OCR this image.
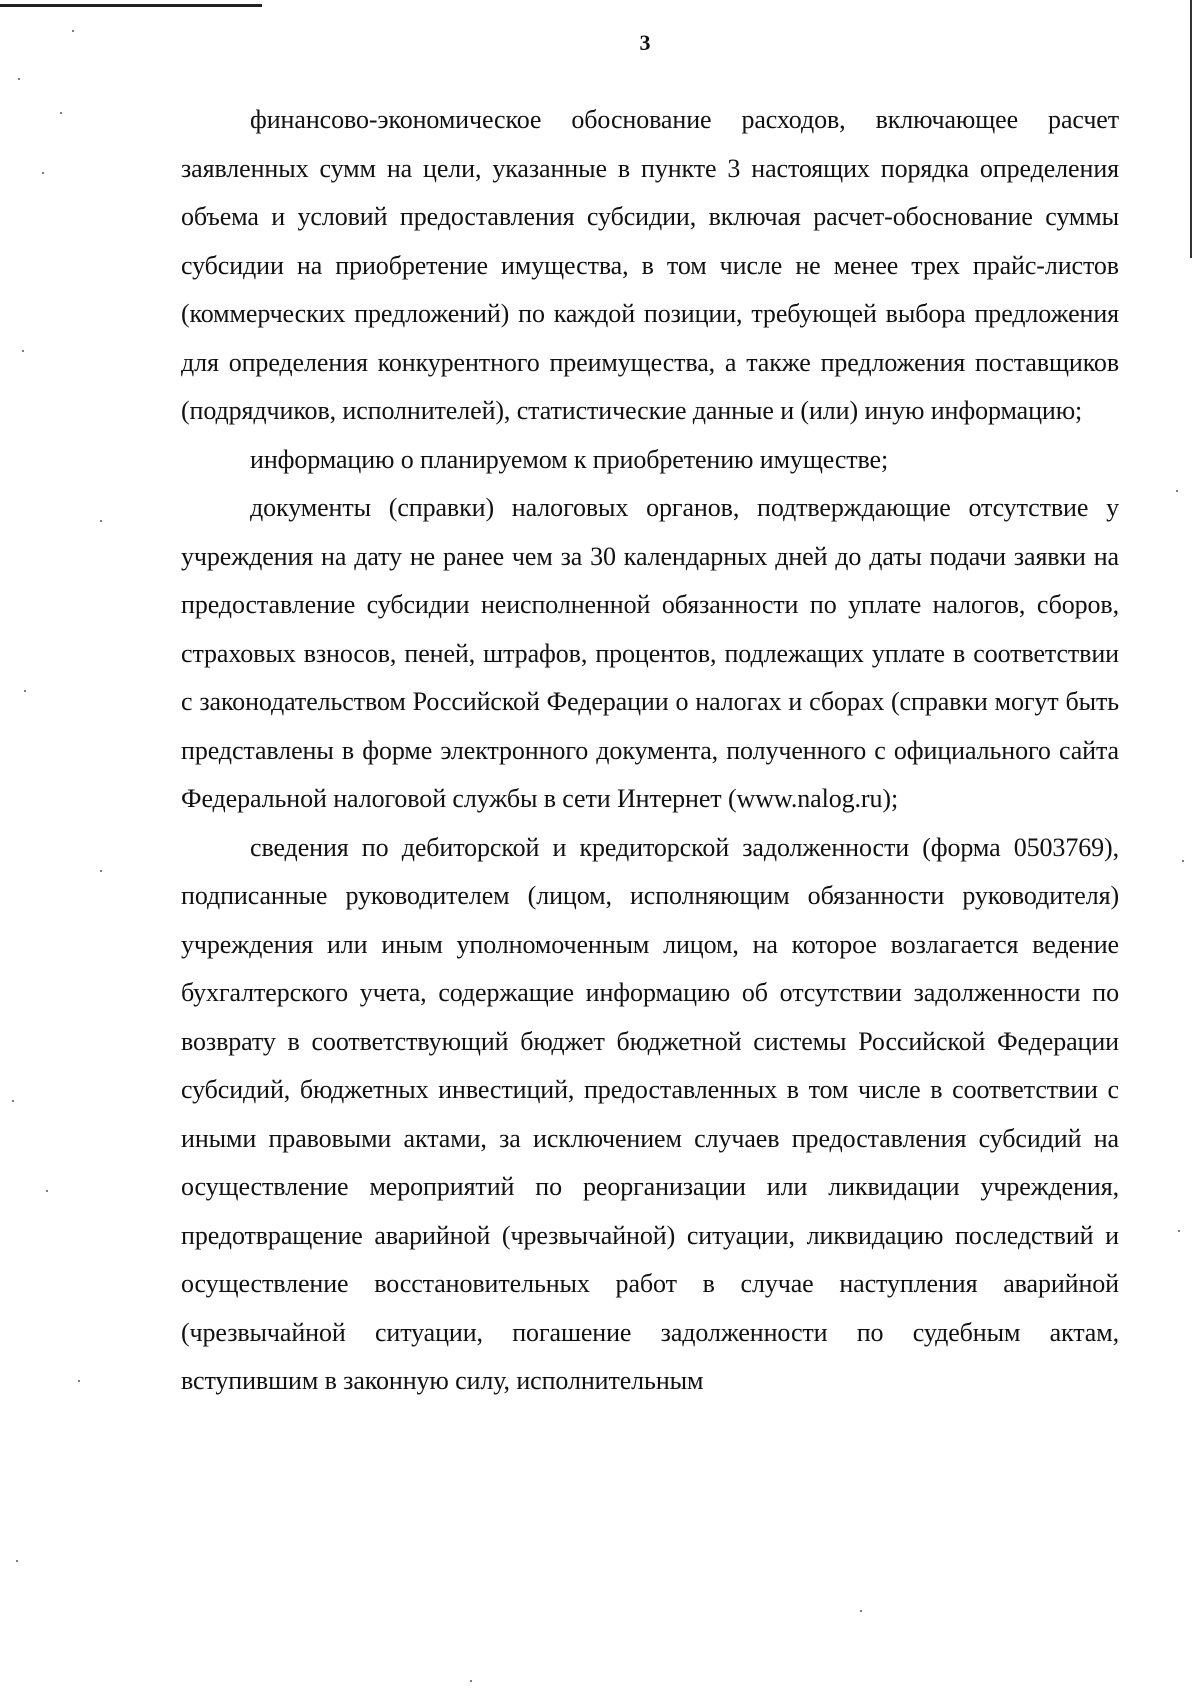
3

финансово-экономическое обоснование расходов, включающее расчет заявленных сумм на цели, указанные в пункте 3 настоящих порядка определения объема и условий предоставления субсидии, включая расчет-обоснование суммы субсидии на приобретение имущества, в том числе не менее трех прайс-листов (коммерческих предложений) по каждой позиции, требующей выбора предложения для определения конкурентного преимущества, а также предложения поставщиков (подрядчиков, исполнителей), статистические данные и (или) иную информацию;

информацию о планируемом к приобретению имуществе;

документы (справки) налоговых органов, подтверждающие отсутствие у учреждения на дату не ранее чем за 30 календарных дней до даты подачи заявки на предоставление субсидии неисполненной обязанности по уплате налогов, сборов, страховых взносов, пеней, штрафов, процентов, подлежащих уплате в соответствии с законодательством Российской Федерации о налогах и сборах (справки могут быть представлены в форме электронного документа, полученного с официального сайта Федеральной налоговой службы в сети Интернет (www.nalog.ru);

сведения по дебиторской и кредиторской задолженности (форма 0503769), подписанные руководителем (лицом, исполняющим обязанности руководителя) учреждения или иным уполномоченным лицом, на которое возлагается ведение бухгалтерского учета, содержащие информацию об отсутствии задолженности по возврату в соответствующий бюджет бюджетной системы Российской Федерации субсидий, бюджетных инвестиций, предоставленных в том числе в соответствии с иными правовыми актами, за исключением случаев предоставления субсидий на осуществление мероприятий по реорганизации или ликвидации учреждения, предотвращение аварийной (чрезвычайной) ситуации, ликвидацию последствий и осуществление восстановительных работ в случае наступления аварийной (чрезвычайной ситуации, погашение задолженности по судебным актам, вступившим в законную силу, исполнительным
